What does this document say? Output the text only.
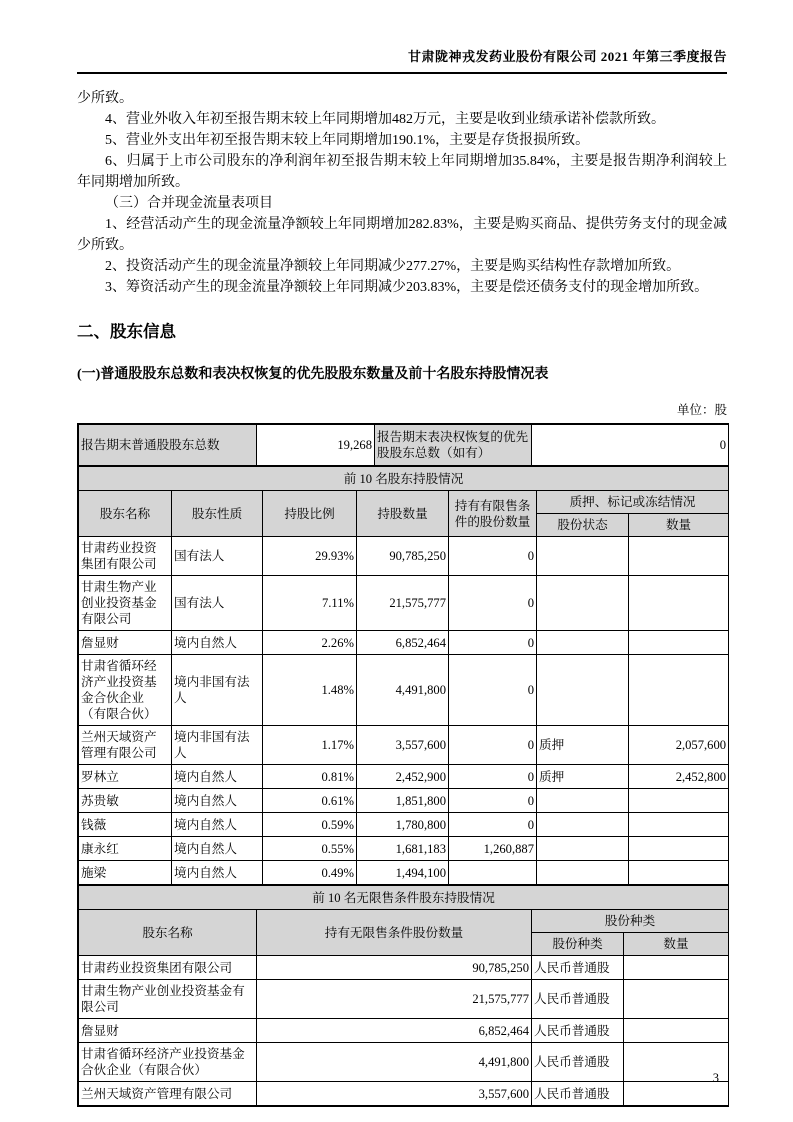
甘肃陇神戎发药业股份有限公司 2021 年第三季度报告

少所致。

4、营业外收入年初至报告期末较上年同期增加482万元，主要是收到业绩承诺补偿款所致。

5、营业外支出年初至报告期末较上年同期增加190.1%，主要是存货报损所致。

6、归属于上市公司股东的净利润年初至报告期末较上年同期增加35.84%，主要是报告期净利润较上年同期增加所致。

（三）合并现金流量表项目

1、经营活动产生的现金流量净额较上年同期增加282.83%，主要是购买商品、提供劳务支付的现金减少所致。

2、投资活动产生的现金流量净额较上年同期减少277.27%，主要是购买结构性存款增加所致。

3、筹资活动产生的现金流量净额较上年同期减少203.83%，主要是偿还债务支付的现金增加所致。

二、股东信息
(一)普通股股东总数和表决权恢复的优先股股东数量及前十名股东持股情况表
单位：股
报告期末普通股股东总数	19,268	报告期末表决权恢复的优先股股东总数（如有）	0
前 10 名股东持股情况						
股东名称	股东性质	持股比例	持股数量	持有有限售条件的股份数量	质押、标记或冻结情况	
					股份状态	数量
甘肃药业投资集团有限公司	国有法人	29.93%	90,785,250	0		
甘肃生物产业创业投资基金有限公司	国有法人	7.11%	21,575,777	0		
詹显财	境内自然人	2.26%	6,852,464	0		
甘肃省循环经济产业投资基金合伙企业（有限合伙）	境内非国有法人	1.48%	4,491,800	0		
兰州天域资产管理有限公司	境内非国有法人	1.17%	3,557,600	0	质押	2,057,600
罗林立	境内自然人	0.81%	2,452,900	0	质押	2,452,800
苏贵敏	境内自然人	0.61%	1,851,800	0		
钱薇	境内自然人	0.59%	1,780,800	0		
康永红	境内自然人	0.55%	1,681,183	1,260,887		
施梁	境内自然人	0.49%	1,494,100			
前 10 名无限售条件股东持股情况			
股东名称	持有无限售条件股份数量	股份种类	
		股份种类	数量
甘肃药业投资集团有限公司	90,785,250	人民币普通股	
甘肃生物产业创业投资基金有限公司	21,575,777	人民币普通股	
詹显财	6,852,464	人民币普通股	
甘肃省循环经济产业投资基金合伙企业（有限合伙）	4,491,800	人民币普通股	
兰州天域资产管理有限公司	3,557,600	人民币普通股	
3
